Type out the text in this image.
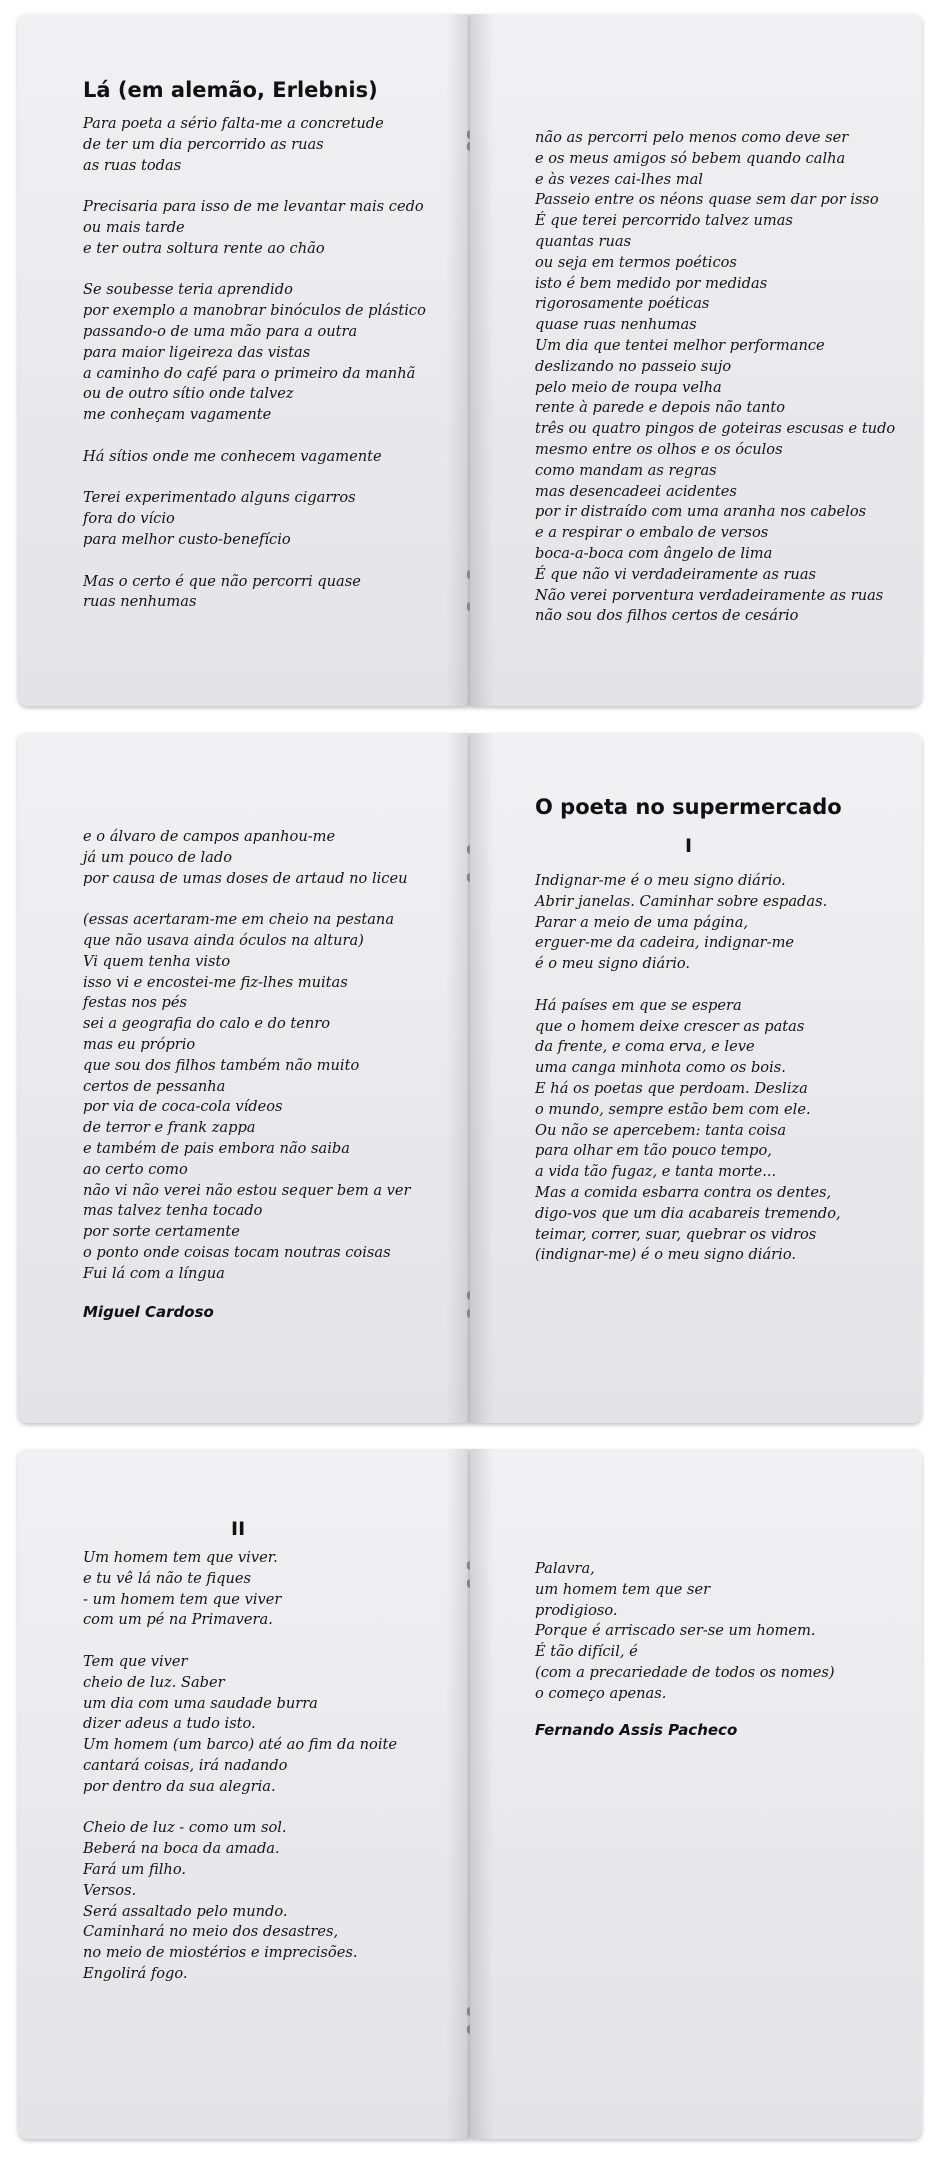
Lá (em alemão, Erlebnis)

Para poeta a sério falta-me a concretude
de ter um dia percorrido as ruas
as ruas todas

Precisaria para isso de me levantar mais cedo
ou mais tarde
e ter outra soltura rente ao chão

Se soubesse teria aprendido
por exemplo a manobrar binóculos de plástico
passando-o de uma mão para a outra
para maior ligeireza das vistas
a caminho do café para o primeiro da manhã
ou de outro sítio onde talvez
me conheçam vagamente

Há sítios onde me conhecem vagamente

Terei experimentado alguns cigarros
fora do vício
para melhor custo-benefício

Mas o certo é que não percorri quase
ruas nenhumas

não as percorri pelo menos como deve ser
e os meus amigos só bebem quando calha
e às vezes cai-lhes mal
Passeio entre os néons quase sem dar por isso
É que terei percorrido talvez umas
quantas ruas
ou seja em termos poéticos
isto é bem medido por medidas
rigorosamente poéticas
quase ruas nenhumas
Um dia que tentei melhor performance
deslizando no passeio sujo
pelo meio de roupa velha
rente à parede e depois não tanto
três ou quatro pingos de goteiras escusas e tudo
mesmo entre os olhos e os óculos
como mandam as regras
mas desencadeei acidentes
por ir distraído com uma aranha nos cabelos
e a respirar o embalo de versos
boca-a-boca com ângelo de lima
É que não vi verdadeiramente as ruas
Não verei porventura verdadeiramente as ruas
não sou dos filhos certos de cesário

e o álvaro de campos apanhou-me
já um pouco de lado
por causa de umas doses de artaud no liceu

(essas acertaram-me em cheio na pestana
que não usava ainda óculos na altura)
Vi quem tenha visto
isso vi e encostei-me fiz-lhes muitas
festas nos pés
sei a geografia do calo e do tenro
mas eu próprio
que sou dos filhos também não muito
certos de pessanha
por via de coca-cola vídeos
de terror e frank zappa
e também de pais embora não saiba
ao certo como
não vi não verei não estou sequer bem a ver
mas talvez tenha tocado
por sorte certamente
o ponto onde coisas tocam noutras coisas
Fui lá com a língua

Miguel Cardoso
O poeta no supermercado
I

Indignar-me é o meu signo diário.
Abrir janelas. Caminhar sobre espadas.
Parar a meio de uma página,
erguer-me da cadeira, indignar-me
é o meu signo diário.

Há países em que se espera
que o homem deixe crescer as patas
da frente, e coma erva, e leve
uma canga minhota como os bois.
E há os poetas que perdoam. Desliza
o mundo, sempre estão bem com ele.
Ou não se apercebem: tanta coisa
para olhar em tão pouco tempo,
a vida tão fugaz, e tanta morte...
Mas a comida esbarra contra os dentes,
digo-vos que um dia acabareis tremendo,
teimar, correr, suar, quebrar os vidros
(indignar-me) é o meu signo diário.

II

Um homem tem que viver.
e tu vê lá não te fiques
- um homem tem que viver
com um pé na Primavera.

Tem que viver
cheio de luz. Saber
um dia com uma saudade burra
dizer adeus a tudo isto.
Um homem (um barco) até ao fim da noite
cantará coisas, irá nadando
por dentro da sua alegria.

Cheio de luz - como um sol.
Beberá na boca da amada.
Fará um filho.
Versos.
Será assaltado pelo mundo.
Caminhará no meio dos desastres,
no meio de miostérios e imprecisões.
Engolirá fogo.

Palavra,
um homem tem que ser
prodigioso.
Porque é arriscado ser-se um homem.
É tão difícil, é
(com a precariedade de todos os nomes)
o começo apenas.

Fernando Assis Pacheco
